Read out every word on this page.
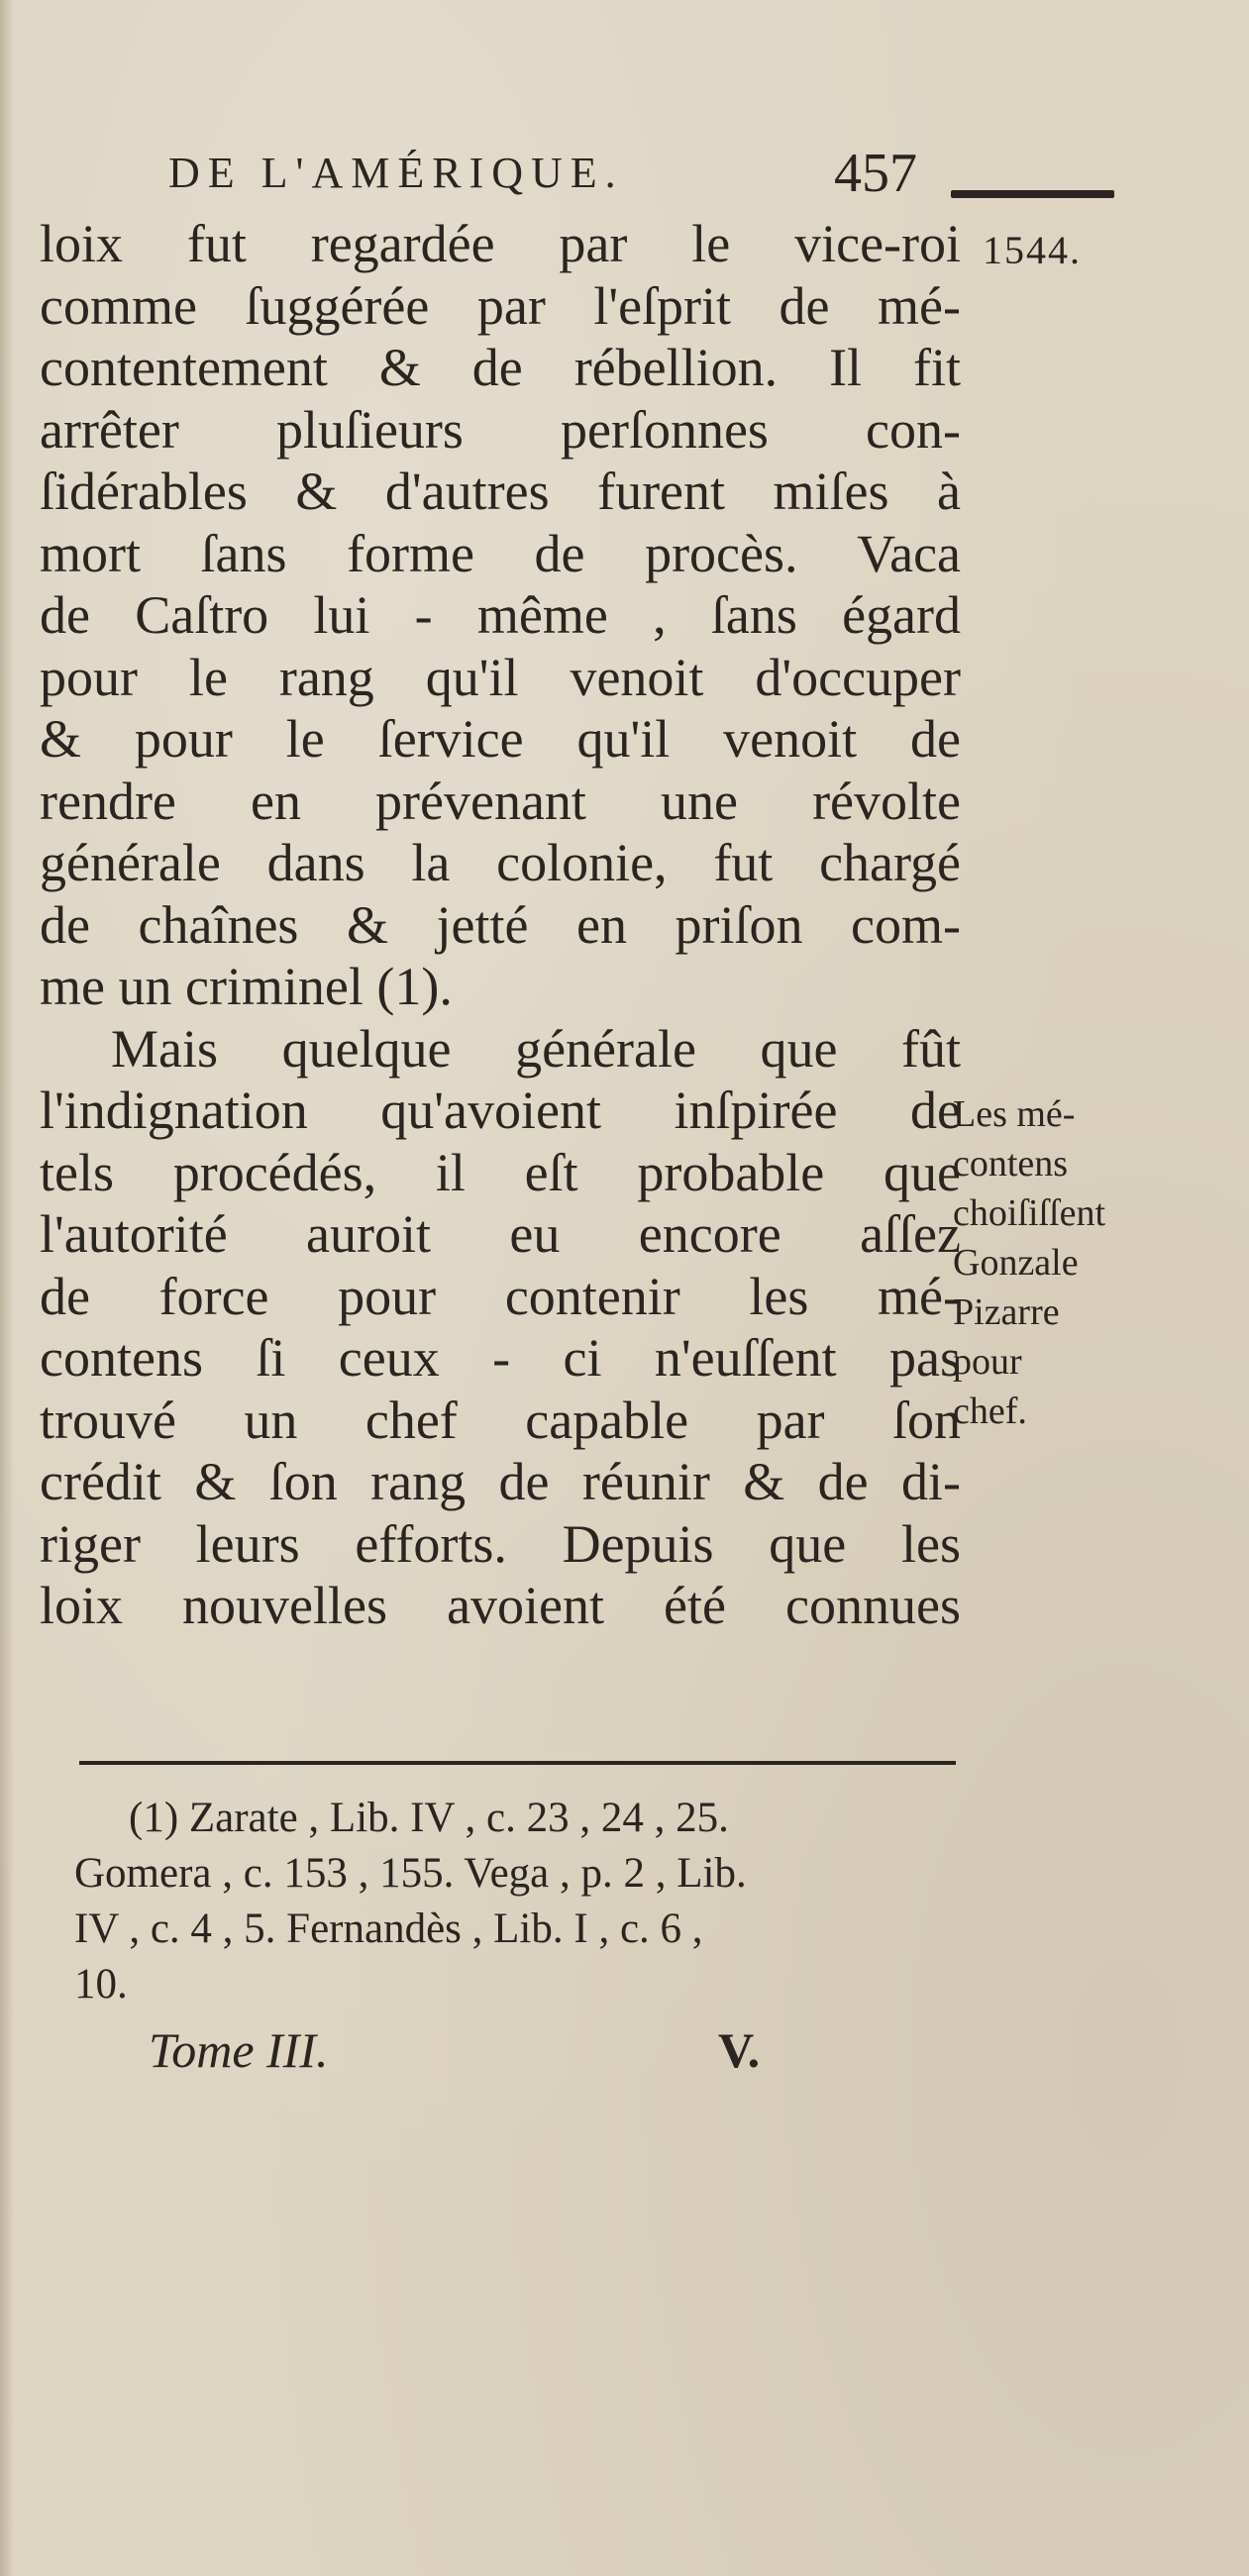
DE L'AMÉRIQUE.	457
1544.
loix fut regardée par le vice-roi
comme ſuggérée par l'eſprit de mé-
contentement & de rébellion. Il fit
arrêter pluſieurs perſonnes con-
ſidérables & d'autres furent miſes à
mort ſans forme de procès. Vaca
de Caſtro lui - même , ſans égard
pour le rang qu'il venoit d'occuper
& pour le ſervice qu'il venoit de
rendre en prévenant une révolte
générale dans la colonie, fut chargé
de chaînes & jetté en priſon com-
me un criminel (1).
Mais quelque générale que fût
l'indignation qu'avoient inſpirée de
tels procédés, il eſt probable que
l'autorité auroit eu encore aſſez
de force pour contenir les mé-
contens ſi ceux - ci n'euſſent pas
trouvé un chef capable par ſon
crédit & ſon rang de réunir & de di-
riger leurs efforts. Depuis que les
loix nouvelles avoient été connues
Les mé-
contens
choiſiſſent
Gonzale
Pizarre
pour
chef.
(1) Zarate , Lib. IV , c. 23 , 24 , 25.
Gomera , c. 153 , 155. Vega , p. 2 , Lib.
IV , c. 4 , 5. Fernandès , Lib. I , c. 6 ,
10.
Tome III.	V.
